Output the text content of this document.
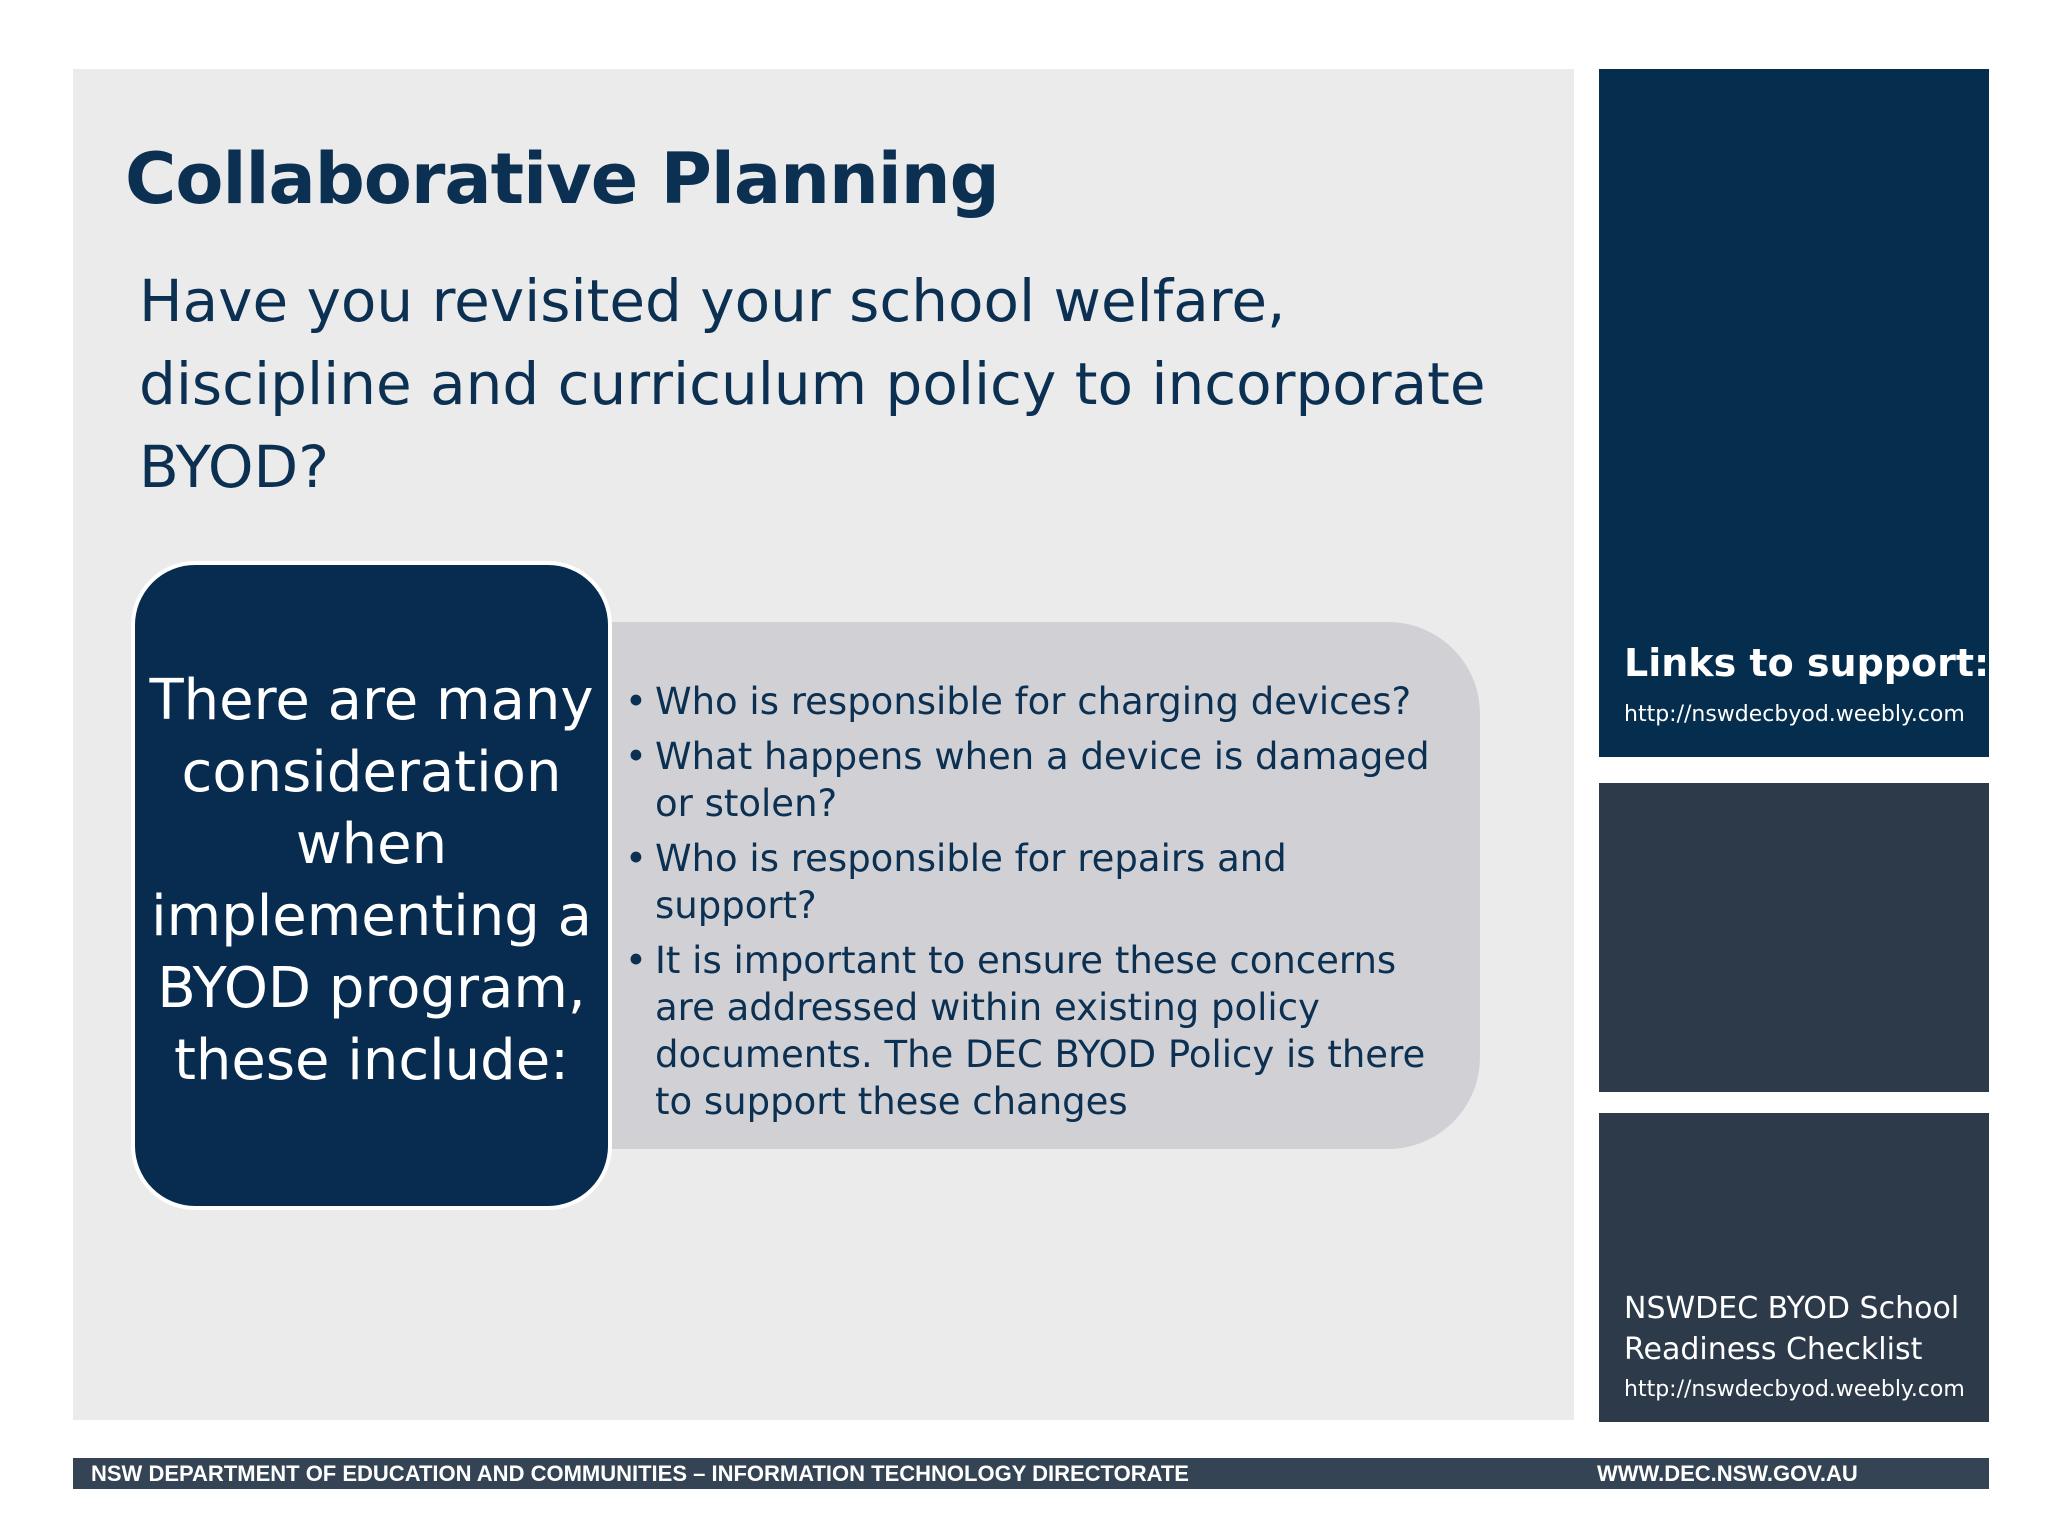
Collaborative Planning

Have you revisited your school welfare, discipline and curriculum policy to incorporate BYOD?

There are many consideration when implementing a BYOD program, these include:
• Who is responsible for charging devices?
• What happens when a device is damaged or stolen?
• Who is responsible for repairs and support?
• It is important to ensure these concerns are addressed within existing policy documents. The DEC BYOD Policy is there to support these changes
Links to support:
http://nswdecbyod.weebly.com

NSWDEC BYOD School Readiness Checklist

http://nswdecbyod.weebly.com
NSW DEPARTMENT OF EDUCATION AND COMMUNITIES – INFORMATION TECHNOLOGY DIRECTORATE	WWW.DEC.NSW.GOV.AU
